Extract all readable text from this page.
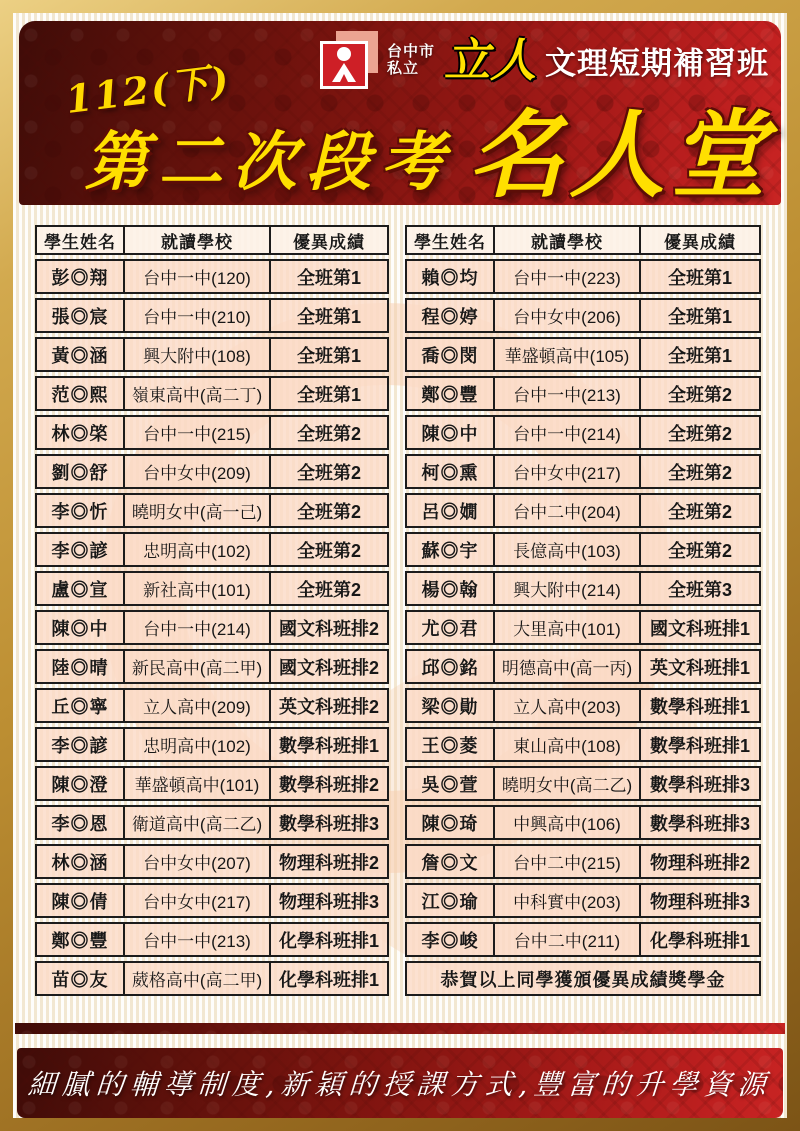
台中市
私立 立人 文理短期補習班
112(下)
第二次段考 名人堂
學生姓名	就讀學校	優異成績
彭◎翔	台中一中(120)	全班第1
張◎宸	台中一中(210)	全班第1
黃◎涵	興大附中(108)	全班第1
范◎熙	嶺東高中(高二丁)	全班第1
林◎棨	台中一中(215)	全班第2
劉◎舒	台中女中(209)	全班第2
李◎忻	曉明女中(高一己)	全班第2
李◎諺	忠明高中(102)	全班第2
盧◎宣	新社高中(101)	全班第2
陳◎中	台中一中(214)	國文科班排2
陸◎晴	新民高中(高二甲) 國文科班排2
丘◎寧	立人高中(209)	英文科班排2
李◎諺	忠明高中(102)	數學科班排1
陳◎澄	華盛頓高中(101)	數學科班排2
李◎恩	衛道高中(高二乙) 數學科班排3
林◎涵	台中女中(207)	物理科班排2
陳◎倩	台中女中(217)	物理科班排3
鄭◎豐	台中一中(213)	化學科班排1
苗◎友	葳格高中(高二甲) 化學科班排1
學生姓名	就讀學校	優異成績
賴◎均	台中一中(223)	全班第1
程◎婷	台中女中(206)	全班第1
喬◎閔	華盛頓高中(105)	全班第1
鄭◎豐	台中一中(213)	全班第2
陳◎中	台中一中(214)	全班第2
柯◎熏	台中女中(217)	全班第2
呂◎嫺	台中二中(204)	全班第2
蘇◎宇	長億高中(103)	全班第2
楊◎翰	興大附中(214)	全班第3
尤◎君	大里高中(101)	國文科班排1
邱◎銘	明德高中(高一丙) 英文科班排1
梁◎勛	立人高中(203)	數學科班排1
王◎菱	東山高中(108)	數學科班排1
吳◎萱	曉明女中(高二乙) 數學科班排3
陳◎琦	中興高中(106)	數學科班排3
詹◎文	台中二中(215)	物理科班排2
江◎瑜	中科實中(203)	物理科班排3
李◎峻	台中二中(211)	化學科班排1
恭賀以上同學獲頒優異成績獎學金
細膩的輔導制度,新穎的授課方式,豐富的升學資源
